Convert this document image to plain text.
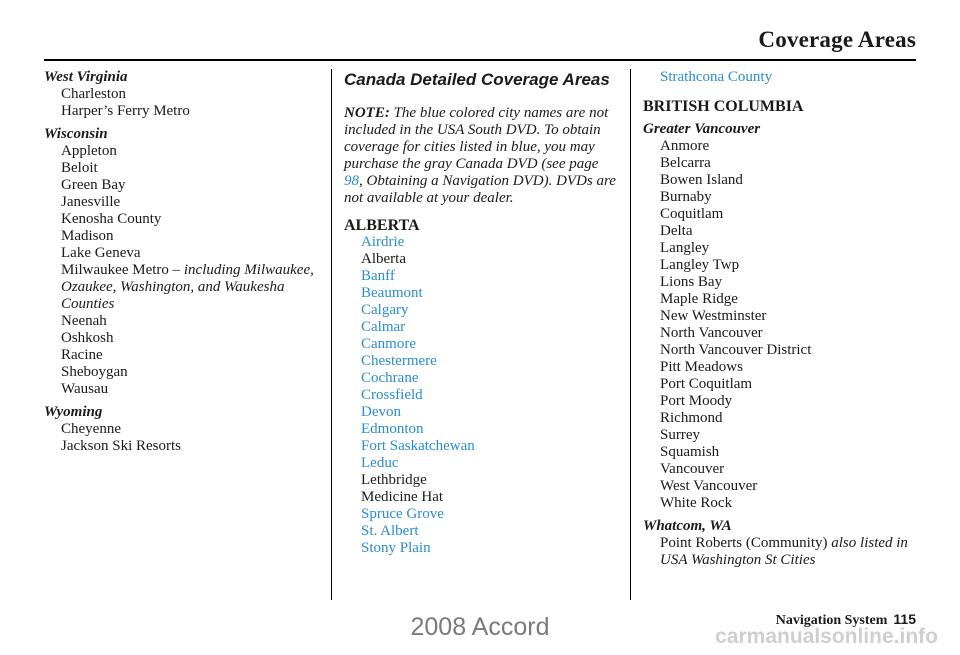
Coverage Areas
West Virginia
Charleston
Harper’s Ferry Metro
Wisconsin
Appleton
Beloit
Green Bay
Janesville
Kenosha County
Madison
Lake Geneva
Milwaukee Metro – including Milwaukee, Ozaukee, Washington, and Waukesha Counties
Neenah
Oshkosh
Racine
Sheboygan
Wausau
Wyoming
Cheyenne
Jackson Ski Resorts
Canada Detailed Coverage Areas
NOTE: The blue colored city names are not included in the USA South DVD. To obtain coverage for cities listed in blue, you may purchase the gray Canada DVD (see page 98, Obtaining a Navigation DVD). DVDs are not available at your dealer.
ALBERTA
Airdrie
Alberta
Banff
Beaumont
Calgary
Calmar
Canmore
Chestermere
Cochrane
Crossfield
Devon
Edmonton
Fort Saskatchewan
Leduc
Lethbridge
Medicine Hat
Spruce Grove
St. Albert
Stony Plain
Strathcona County
BRITISH COLUMBIA
Greater Vancouver
Anmore
Belcarra
Bowen Island
Burnaby
Coquitlam
Delta
Langley
Langley Twp
Lions Bay
Maple Ridge
New Westminster
North Vancouver
North Vancouver District
Pitt Meadows
Port Coquitlam
Port Moody
Richmond
Surrey
Squamish
Vancouver
West Vancouver
White Rock
Whatcom, WA
Point Roberts (Community) also listed in USA Washington St Cities
Navigation System 115
2008 Accord	carmanualsonline.info
